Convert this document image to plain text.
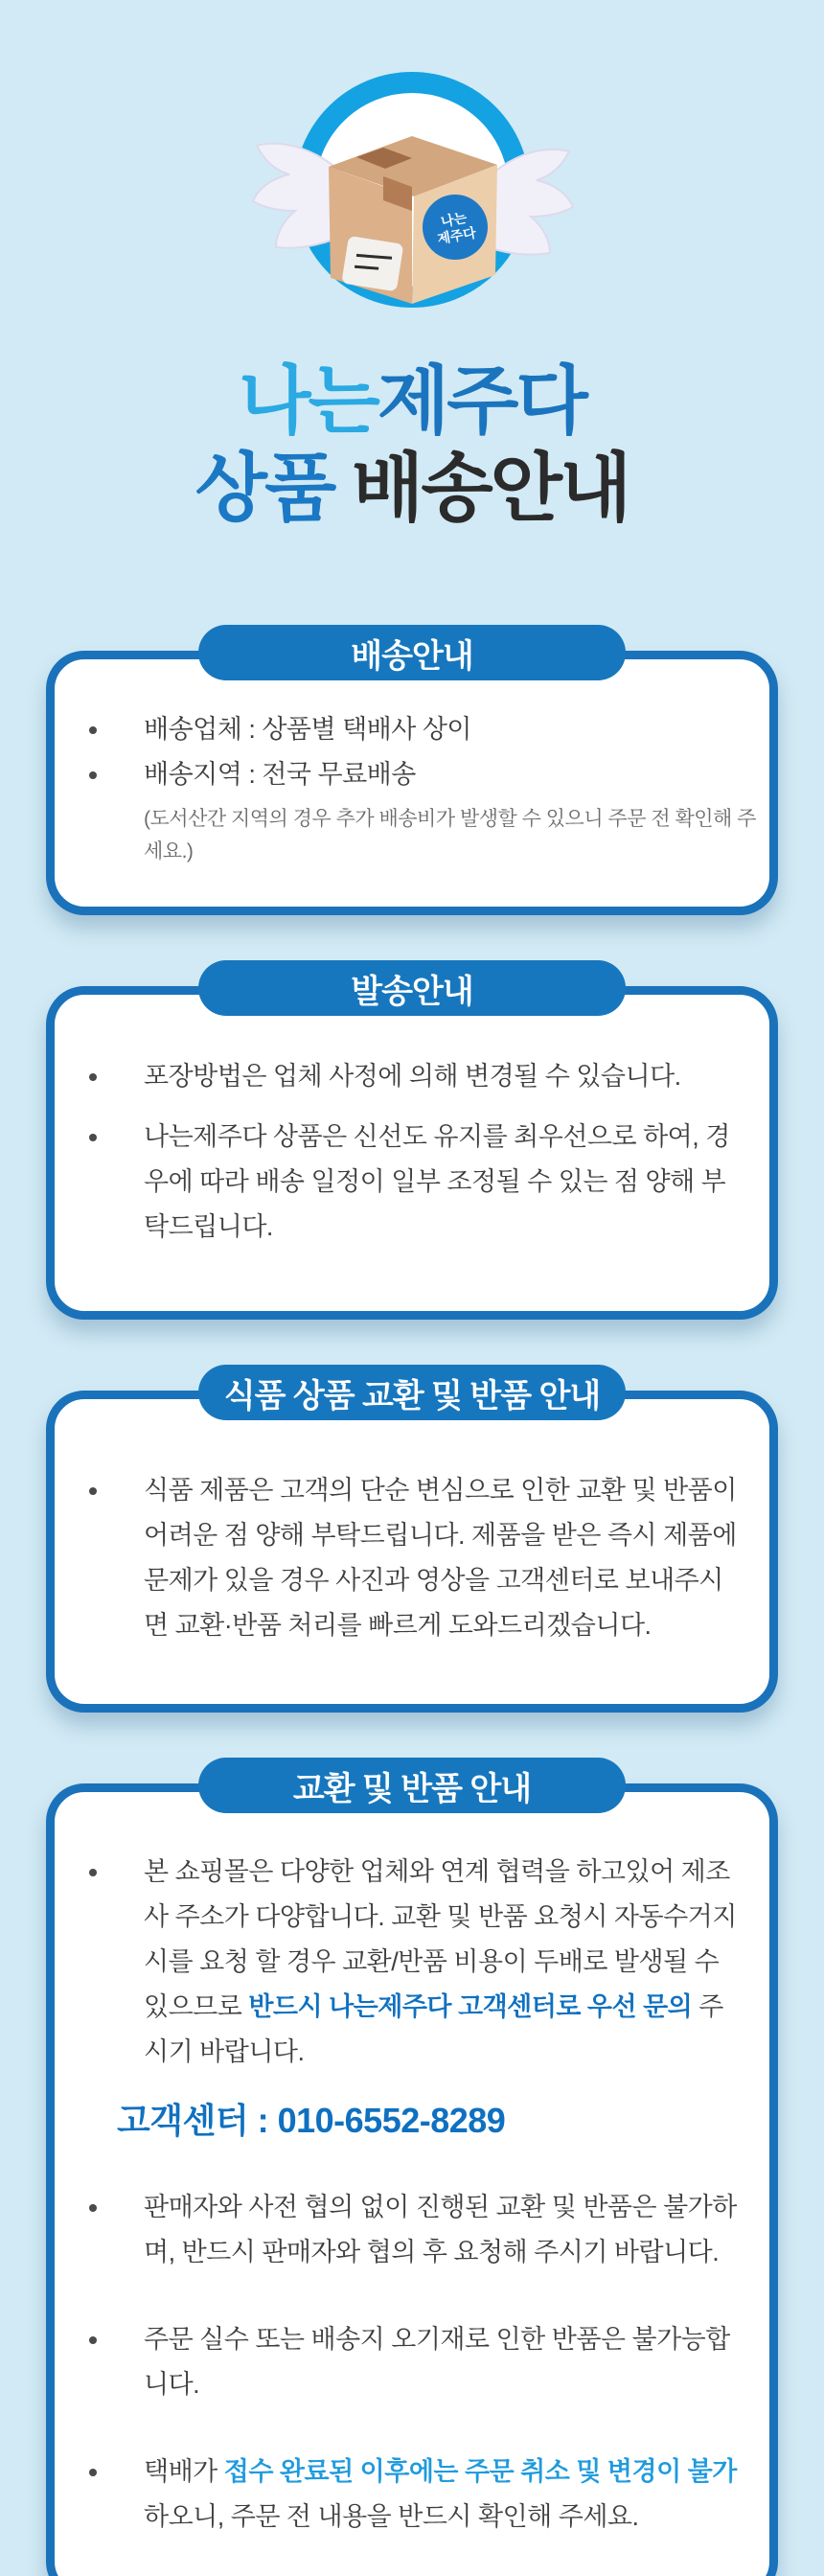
나는
제주다
나는제주다
상품 배송안내
배송안내
배송업체 : 상품별 택배사 상이
배송지역 : 전국 무료배송

(도서산간 지역의 경우 추가 배송비가 발생할 수 있으니 주문 전 확인해 주세요.)

발송안내
포장방법은 업체 사정에 의해 변경될 수 있습니다.
나는제주다 상품은 신선도 유지를 최우선으로 하여, 경우에 따라 배송 일정이 일부 조정될 수 있는 점 양해 부탁드립니다.
식품 상품 교환 및 반품 안내
식품 제품은 고객의 단순 변심으로 인한 교환 및 반품이 어려운 점 양해 부탁드립니다. 제품을 받은 즉시 제품에 문제가 있을 경우 사진과 영상을 고객센터로 보내주시면 교환·반품 처리를 빠르게 도와드리겠습니다.
교환 및 반품 안내
본 쇼핑몰은 다양한 업체와 연계 협력을 하고있어 제조사 주소가 다양합니다. 교환 및 반품 요청시 자동수거지시를 요청 할 경우 교환/반품 비용이 두배로 발생될 수 있으므로 반드시 나는제주다 고객센터로 우선 문의 주시기 바랍니다.

고객센터 : 010-6552-8289

판매자와 사전 협의 없이 진행된 교환 및 반품은 불가하며, 반드시 판매자와 협의 후 요청해 주시기 바랍니다.
주문 실수 또는 배송지 오기재로 인한 반품은 불가능합니다.
택배가 접수 완료된 이후에는 주문 취소 및 변경이 불가 하오니, 주문 전 내용을 반드시 확인해 주세요.
